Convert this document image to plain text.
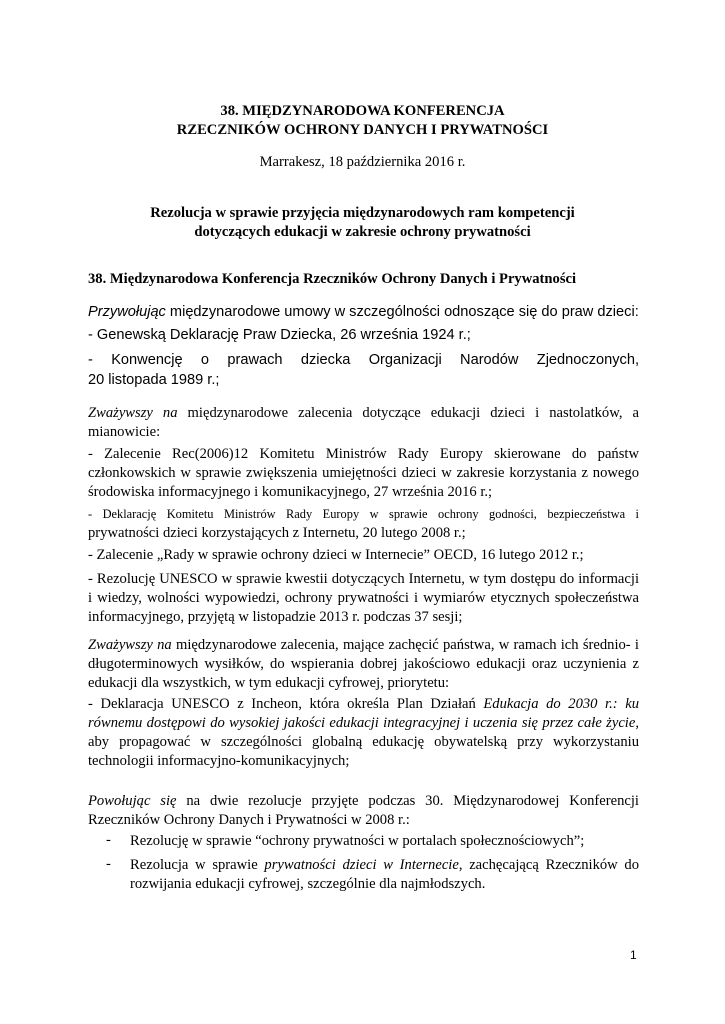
38. MIĘDZYNARODOWA KONFERENCJA
RZECZNIKÓW OCHRONY DANYCH I PRYWATNOŚCI
Marrakesz, 18 października 2016 r.
Rezolucja w sprawie przyjęcia międzynarodowych ram kompetencji
dotyczących edukacji w zakresie ochrony prywatności
38. Międzynarodowa Konferencja Rzeczników Ochrony Danych i Prywatności
Przywołując międzynarodowe umowy w szczególności odnoszące się do praw dzieci:
- Genewską Deklarację Praw Dziecka, 26 września 1924 r.;
- Konwencję o prawach dziecka Organizacji Narodów Zjednoczonych,
20 listopada 1989 r.;
Zważywszy na międzynarodowe zalecenia dotyczące edukacji dzieci i nastolatków, a mianowicie:
- Zalecenie Rec(2006)12 Komitetu Ministrów Rady Europy skierowane do państw członkowskich w sprawie zwiększenia umiejętności dzieci w zakresie korzystania z nowego środowiska informacyjnego i komunikacyjnego, 27 września 2016 r.;
- Deklarację Komitetu Ministrów Rady Europy w sprawie ochrony godności, bezpieczeństwa i
prywatności dzieci korzystających z Internetu, 20 lutego 2008 r.;
- Zalecenie „Rady w sprawie ochrony dzieci w Internecie” OECD, 16 lutego 2012 r.;
- Rezolucję UNESCO w sprawie kwestii dotyczących Internetu, w tym dostępu do informacji i wiedzy, wolności wypowiedzi, ochrony prywatności i wymiarów etycznych społeczeństwa informacyjnego, przyjętą w listopadzie 2013 r. podczas 37 sesji;
Zważywszy na międzynarodowe zalecenia, mające zachęcić państwa, w ramach ich średnio- i długoterminowych wysiłków, do wspierania dobrej jakościowo edukacji oraz uczynienia z edukacji dla wszystkich, w tym edukacji cyfrowej, priorytetu:
- Deklaracja UNESCO z Incheon, która określa Plan Działań Edukacja do 2030 r.: ku równemu dostępowi do wysokiej jakości edukacji integracyjnej i uczenia się przez całe życie, aby propagować w szczególności globalną edukację obywatelską przy wykorzystaniu technologii informacyjno-komunikacyjnych;
Powołując się na dwie rezolucje przyjęte podczas 30. Międzynarodowej Konferencji Rzeczników Ochrony Danych i Prywatności w 2008 r.:
- Rezolucję w sprawie “ochrony prywatności w portalach społecznościowych”;
- Rezolucja w sprawie prywatności dzieci w Internecie, zachęcającą Rzeczników do rozwijania edukacji cyfrowej, szczególnie dla najmłodszych.
1
